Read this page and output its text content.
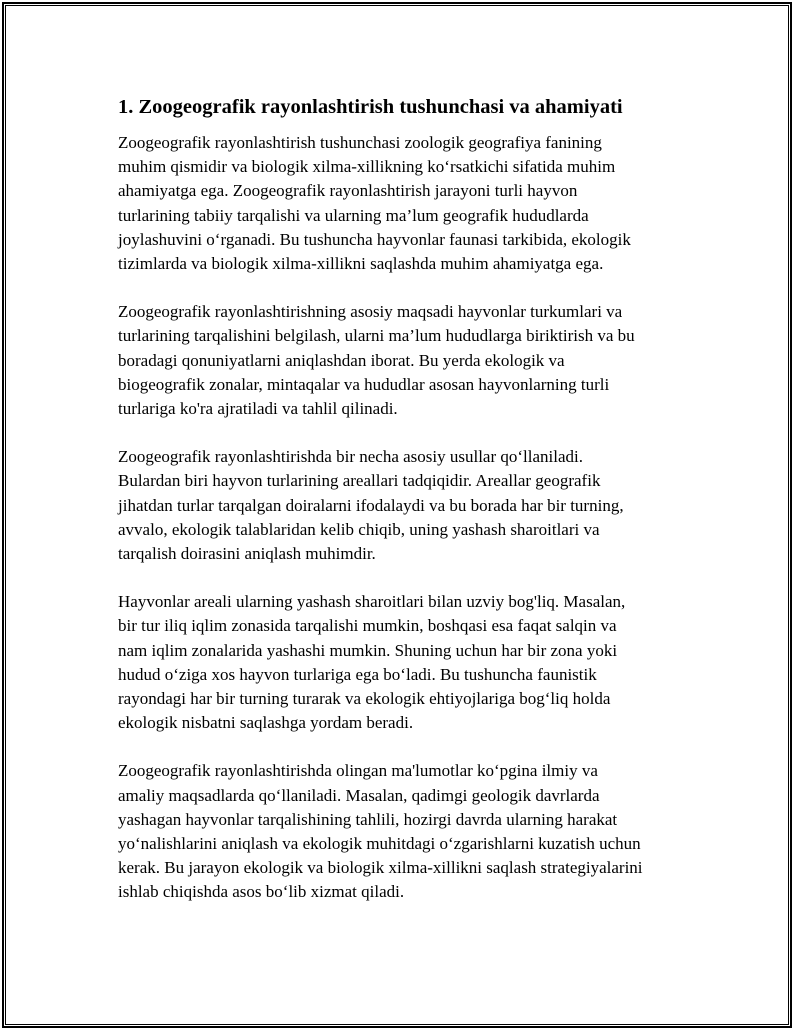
1. Zoogeografik rayonlashtirish tushunchasi va ahamiyati

Zoogeografik rayonlashtirish tushunchasi zoologik geografiya fanining
muhim qismidir va biologik xilma-xillikning ko‘rsatkichi sifatida muhim
ahamiyatga ega. Zoogeografik rayonlashtirish jarayoni turli hayvon
turlarining tabiiy tarqalishi va ularning ma’lum geografik hududlarda
joylashuvini o‘rganadi. Bu tushuncha hayvonlar faunasi tarkibida, ekologik
tizimlarda va biologik xilma-xillikni saqlashda muhim ahamiyatga ega.

Zoogeografik rayonlashtirishning asosiy maqsadi hayvonlar turkumlari va
turlarining tarqalishini belgilash, ularni ma’lum hududlarga biriktirish va bu
boradagi qonuniyatlarni aniqlashdan iborat. Bu yerda ekologik va
biogeografik zonalar, mintaqalar va hududlar asosan hayvonlarning turli
turlariga ko'ra ajratiladi va tahlil qilinadi.

Zoogeografik rayonlashtirishda bir necha asosiy usullar qo‘llaniladi.
Bulardan biri hayvon turlarining areallari tadqiqidir. Areallar geografik
jihatdan turlar tarqalgan doiralarni ifodalaydi va bu borada har bir turning,
avvalo, ekologik talablaridan kelib chiqib, uning yashash sharoitlari va
tarqalish doirasini aniqlash muhimdir.

Hayvonlar areali ularning yashash sharoitlari bilan uzviy bog'liq. Masalan,
bir tur iliq iqlim zonasida tarqalishi mumkin, boshqasi esa faqat salqin va
nam iqlim zonalarida yashashi mumkin. Shuning uchun har bir zona yoki
hudud o‘ziga xos hayvon turlariga ega bo‘ladi. Bu tushuncha faunistik
rayondagi har bir turning turarak va ekologik ehtiyojlariga bog‘liq holda
ekologik nisbatni saqlashga yordam beradi.

Zoogeografik rayonlashtirishda olingan ma'lumotlar ko‘pgina ilmiy va
amaliy maqsadlarda qo‘llaniladi. Masalan, qadimgi geologik davrlarda
yashagan hayvonlar tarqalishining tahlili, hozirgi davrda ularning harakat
yo‘nalishlarini aniqlash va ekologik muhitdagi o‘zgarishlarni kuzatish uchun
kerak. Bu jarayon ekologik va biologik xilma-xillikni saqlash strategiyalarini
ishlab chiqishda asos bo‘lib xizmat qiladi.
